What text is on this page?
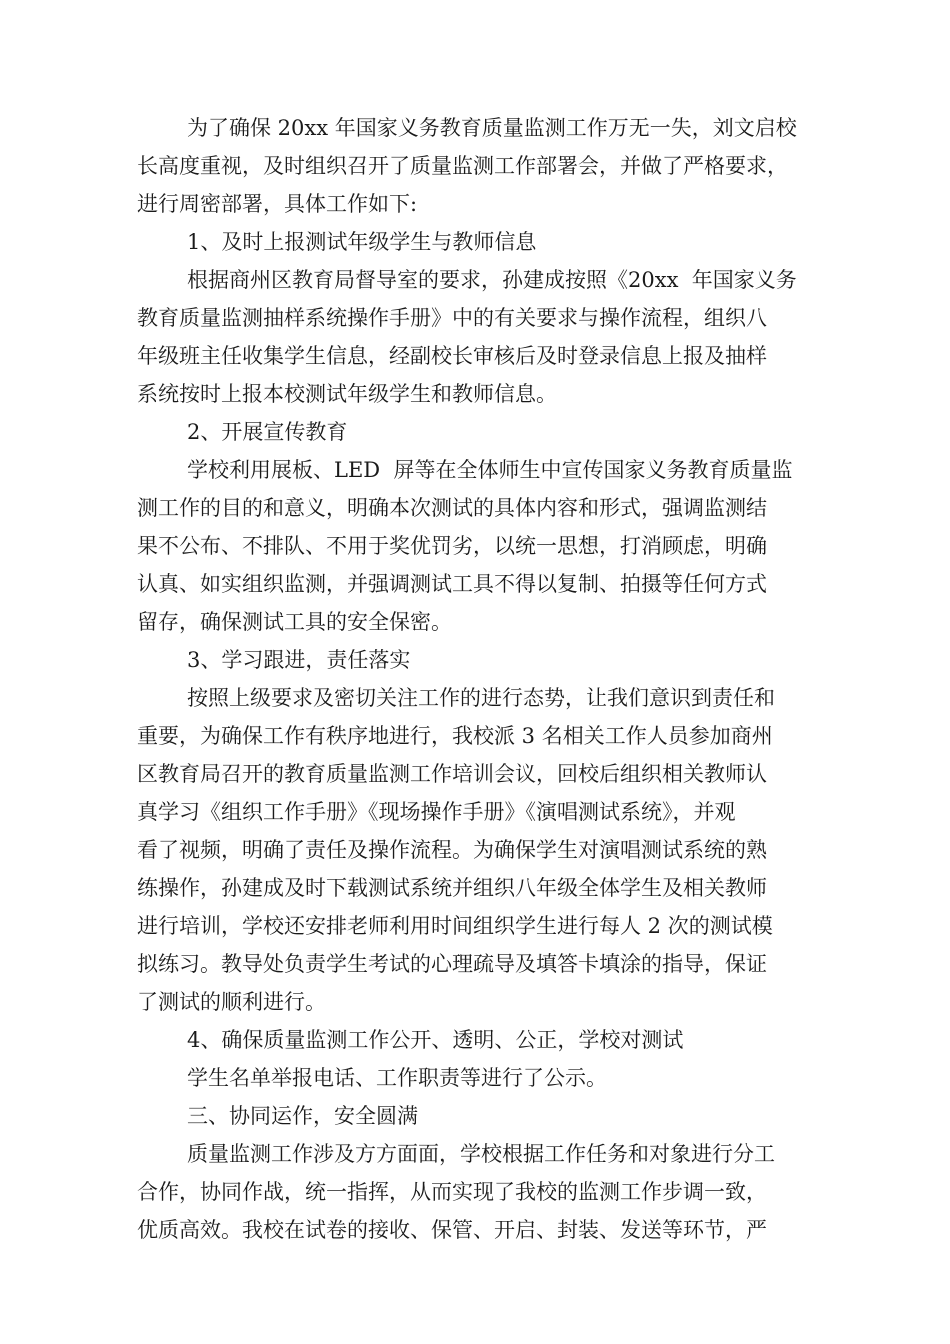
为了确保 20xx 年国家义务教育质量监测工作万无一失，刘文启校

长高度重视，及时组织召开了质量监测工作部署会，并做了严格要求，

进行周密部署，具体工作如下:

1、及时上报测试年级学生与教师信息

根据商州区教育局督导室的要求，孙建成按照《20xx  年国家义务

教育质量监测抽样系统操作手册》中的有关要求与操作流程，组织八

年级班主任收集学生信息，经副校长审核后及时登录信息上报及抽样

系统按时上报本校测试年级学生和教师信息。

2、开展宣传教育

学校利用展板、LED  屏等在全体师生中宣传国家义务教育质量监

测工作的目的和意义，明确本次测试的具体内容和形式，强调监测结

果不公布、不排队、不用于奖优罚劣，以统一思想，打消顾虑，明确

认真、如实组织监测，并强调测试工具不得以复制、拍摄等任何方式

留存，确保测试工具的安全保密。

3、学习跟进，责任落实

按照上级要求及密切关注工作的进行态势，让我们意识到责任和

重要，为确保工作有秩序地进行，我校派 3 名相关工作人员参加商州

区教育局召开的教育质量监测工作培训会议，回校后组织相关教师认

真学习《组织工作手册》《现场操作手册》《演唱测试系统》，并观

看了视频，明确了责任及操作流程。为确保学生对演唱测试系统的熟

练操作，孙建成及时下载测试系统并组织八年级全体学生及相关教师

进行培训，学校还安排老师利用时间组织学生进行每人 2 次的测试模

拟练习。教导处负责学生考试的心理疏导及填答卡填涂的指导，保证

了测试的顺利进行。

4、确保质量监测工作公开、透明、公正，学校对测试

学生名单举报电话、工作职责等进行了公示。

三、协同运作，安全圆满

质量监测工作涉及方方面面，学校根据工作任务和对象进行分工

合作，协同作战，统一指挥，从而实现了我校的监测工作步调一致，

优质高效。我校在试卷的接收、保管、开启、封装、发送等环节，严
